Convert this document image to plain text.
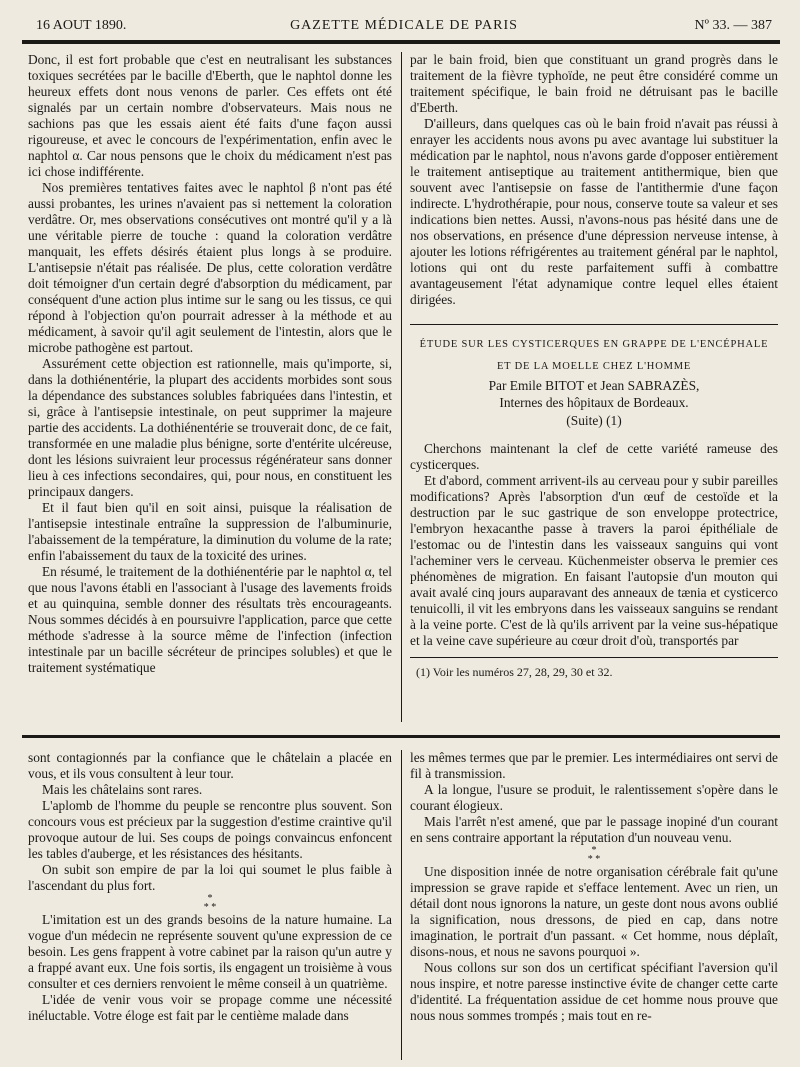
16 AOUT 1890.	GAZETTE MÉDICALE DE PARIS	Nº 33. — 387

Donc, il est fort probable que c'est en neutralisant les substances toxiques secrétées par le bacille d'Eberth, que le naphtol donne les heureux effets dont nous venons de parler. Ces effets ont été signalés par un certain nombre d'observateurs. Mais nous ne sachions pas que les essais aient été faits d'une façon aussi rigoureuse, et avec le concours de l'expérimentation, enfin avec le naphtol α. Car nous pensons que le choix du médicament n'est pas ici chose indifférente.

Nos premières tentatives faites avec le naphtol β n'ont pas été aussi probantes, les urines n'avaient pas si nettement la coloration verdâtre. Or, mes observations consécutives ont montré qu'il y a là une véritable pierre de touche : quand la coloration verdâtre manquait, les effets désirés étaient plus longs à se produire. L'antisepsie n'était pas réalisée. De plus, cette coloration verdâtre doit témoigner d'un certain degré d'absorption du médicament, par conséquent d'une action plus intime sur le sang ou les tissus, ce qui répond à l'objection qu'on pourrait adresser à la méthode et au médicament, à savoir qu'il agit seulement de l'intestin, alors que le microbe pathogène est partout.

Assurément cette objection est rationnelle, mais qu'importe, si, dans la dothiénentérie, la plupart des accidents morbides sont sous la dépendance des substances solubles fabriquées dans l'intestin, et si, grâce à l'antisepsie intestinale, on peut supprimer la majeure partie des accidents. La dothiénentérie se trouverait donc, de ce fait, transformée en une maladie plus bénigne, sorte d'entérite ulcéreuse, dont les lésions suivraient leur processus régénérateur sans donner lieu à ces infections secondaires, qui, pour nous, en constituent les principaux dangers.

Et il faut bien qu'il en soit ainsi, puisque la réalisation de l'antisepsie intestinale entraîne la suppression de l'albuminurie, l'abaissement de la température, la diminution du volume de la rate; enfin l'abaissement du taux de la toxicité des urines.

En résumé, le traitement de la dothiénentérie par le naphtol α, tel que nous l'avons établi en l'associant à l'usage des lavements froids et au quinquina, semble donner des résultats très encourageants. Nous sommes décidés à en poursuivre l'application, parce que cette méthode s'adresse à la source même de l'infection (infection intestinale par un bacille sécréteur de principes solubles) et que le traitement systématique

par le bain froid, bien que constituant un grand progrès dans le traitement de la fièvre typhoïde, ne peut être considéré comme un traitement spécifique, le bain froid ne détruisant pas le bacille d'Eberth.

D'ailleurs, dans quelques cas où le bain froid n'avait pas réussi à enrayer les accidents nous avons pu avec avantage lui substituer la médication par le naphtol, nous n'avons garde d'opposer entièrement le traitement antiseptique au traitement antithermique, bien que souvent avec l'antisepsie on fasse de l'antithermie d'une façon indirecte. L'hydrothérapie, pour nous, conserve toute sa valeur et ses indications bien nettes. Aussi, n'avons-nous pas hésité dans une de nos observations, en présence d'une dépression nerveuse intense, à ajouter les lotions réfrigérentes au traitement général par le naphtol, lotions qui ont du reste parfaitement suffi à combattre avantageusement l'état adynamique contre lequel elles étaient dirigées.

ÉTUDE SUR LES CYSTICERQUES EN GRAPPE DE L'ENCÉPHALE
ET DE LA MOELLE CHEZ L'HOMME
Par Emile BITOT et Jean SABRAZÈS,
Internes des hôpitaux de Bordeaux.
(Suite) (1)

Cherchons maintenant la clef de cette variété rameuse des cysticerques.

Et d'abord, comment arrivent-ils au cerveau pour y subir pareilles modifications? Après l'absorption d'un œuf de cestoïde et la destruction par le suc gastrique de son enveloppe protectrice, l'embryon hexacanthe passe à travers la paroi épithéliale de l'estomac ou de l'intestin dans les vaisseaux sanguins qui vont l'acheminer vers le cerveau. Küchenmeister observa le premier ces phénomènes de migration. En faisant l'autopsie d'un mouton qui avait avalé cinq jours auparavant des anneaux de tænia et cysticerco tenuicolli, il vit les embryons dans les vaisseaux sanguins se rendant à la veine porte. C'est de là qu'ils arrivent par la veine sus-hépatique et la veine cave supérieure au cœur droit d'où, transportés par

(1) Voir les numéros 27, 28, 29, 30 et 32.

sont contagionnés par la confiance que le châtelain a placée en vous, et ils vous consultent à leur tour.

Mais les châtelains sont rares.

L'aplomb de l'homme du peuple se rencontre plus souvent. Son concours vous est précieux par la suggestion d'estime craintive qu'il provoque autour de lui. Ses coups de poings convaincus enfoncent les tables d'auberge, et les résistances des hésitants.

On subit son empire de par la loi qui soumet le plus faible à l'ascendant du plus fort.

*
* *

L'imitation est un des grands besoins de la nature humaine. La vogue d'un médecin ne représente souvent qu'une expression de ce besoin. Les gens frappent à votre cabinet par la raison qu'un autre y a frappé avant eux. Une fois sortis, ils engagent un troisième à vous consulter et ces derniers renvoient le même conseil à un quatrième.

L'idée de venir vous voir se propage comme une nécessité inéluctable. Votre éloge est fait par le centième malade dans

les mêmes termes que par le premier. Les intermédiaires ont servi de fil à transmission.

A la longue, l'usure se produit, le ralentissement s'opère dans le courant élogieux.

Mais l'arrêt n'est amené, que par le passage inopiné d'un courant en sens contraire apportant la réputation d'un nouveau venu.

*
* *

Une disposition innée de notre organisation cérébrale fait qu'une impression se grave rapide et s'efface lentement. Avec un rien, un détail dont nous ignorons la nature, un geste dont nous avons oublié la signification, nous dressons, de pied en cap, dans notre imagination, le portrait d'un passant. « Cet homme, nous déplaît, disons-nous, et nous ne savons pourquoi ».

Nous collons sur son dos un certificat spécifiant l'aversion qu'il nous inspire, et notre paresse instinctive évite de changer cette carte d'identité. La fréquentation assidue de cet homme nous prouve que nous nous sommes trompés ; mais tout en re-
